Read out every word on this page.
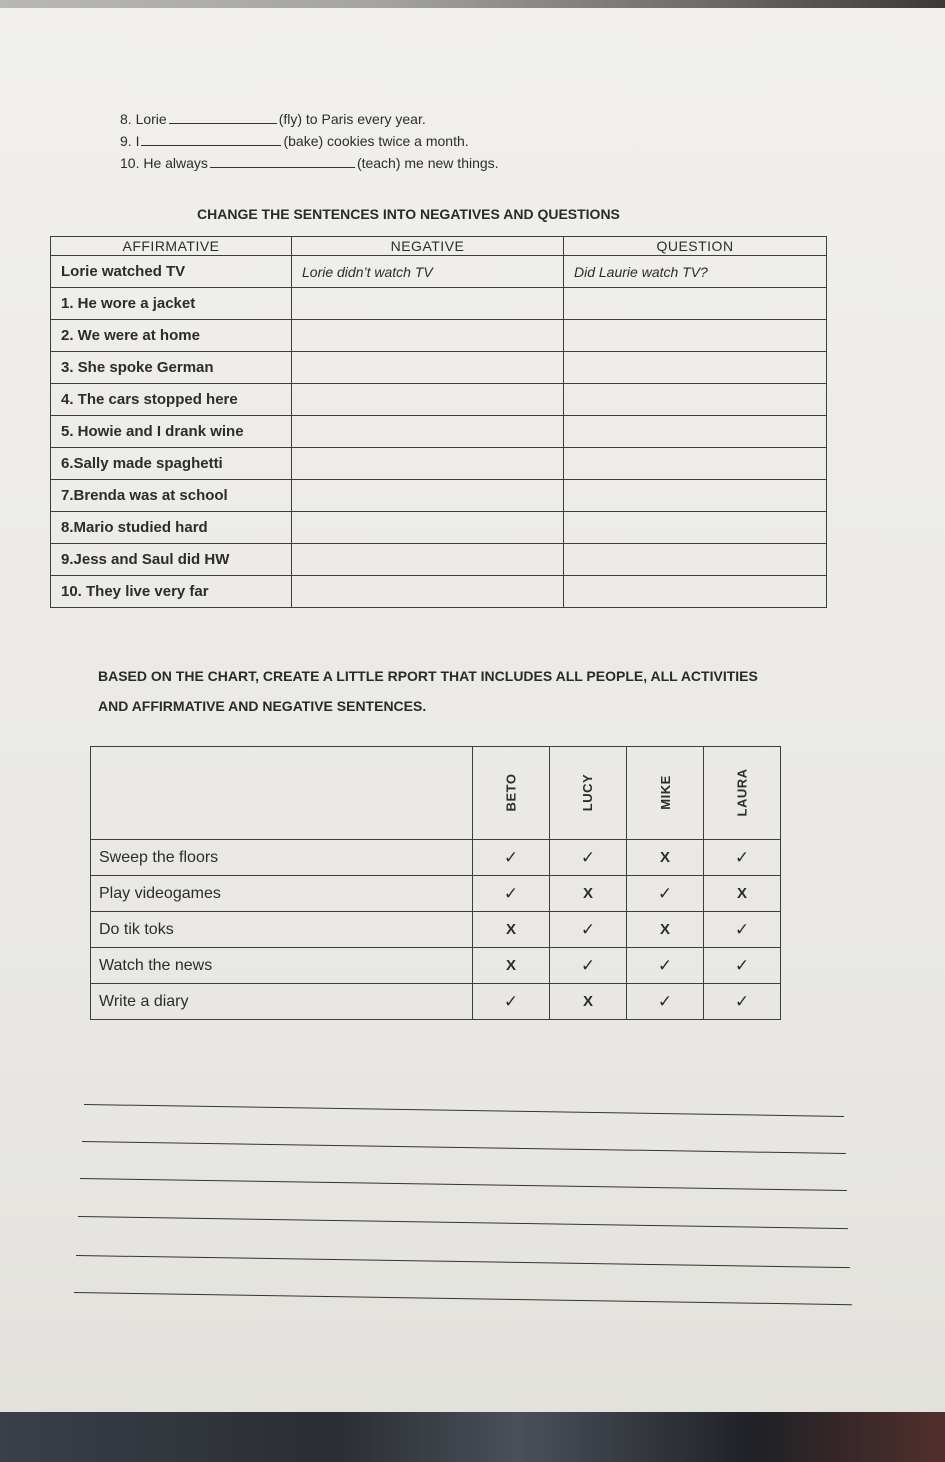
8. Lorie	(fly) to Paris every year.
9. I	(bake) cookies twice a month.
10. He always	(teach) me new things.
CHANGE THE SENTENCES INTO NEGATIVES AND QUESTIONS
AFFIRMATIVE	NEGATIVE	QUESTION
Lorie watched TV	Lorie didn’t watch TV	Did Laurie watch TV?
1. He wore a jacket		
2. We were at home		
3. She spoke German		
4. The cars stopped here		
5. Howie and I drank wine		
6.Sally made spaghetti		
7.Brenda was at school		
8.Mario studied hard		
9.Jess and Saul did HW		
10. They live very far		
BASED ON THE CHART, CREATE A LITTLE RPORT THAT INCLUDES ALL PEOPLE, ALL ACTIVITIES
AND AFFIRMATIVE AND NEGATIVE SENTENCES.
	BETO	LUCY	MIKE	LAURA
Sweep the floors	✓	✓	X	✓
Play videogames	✓	X	✓	X
Do tik toks	X	✓	X	✓
Watch the news	X	✓	✓	✓
Write a diary	✓	X	✓	✓
